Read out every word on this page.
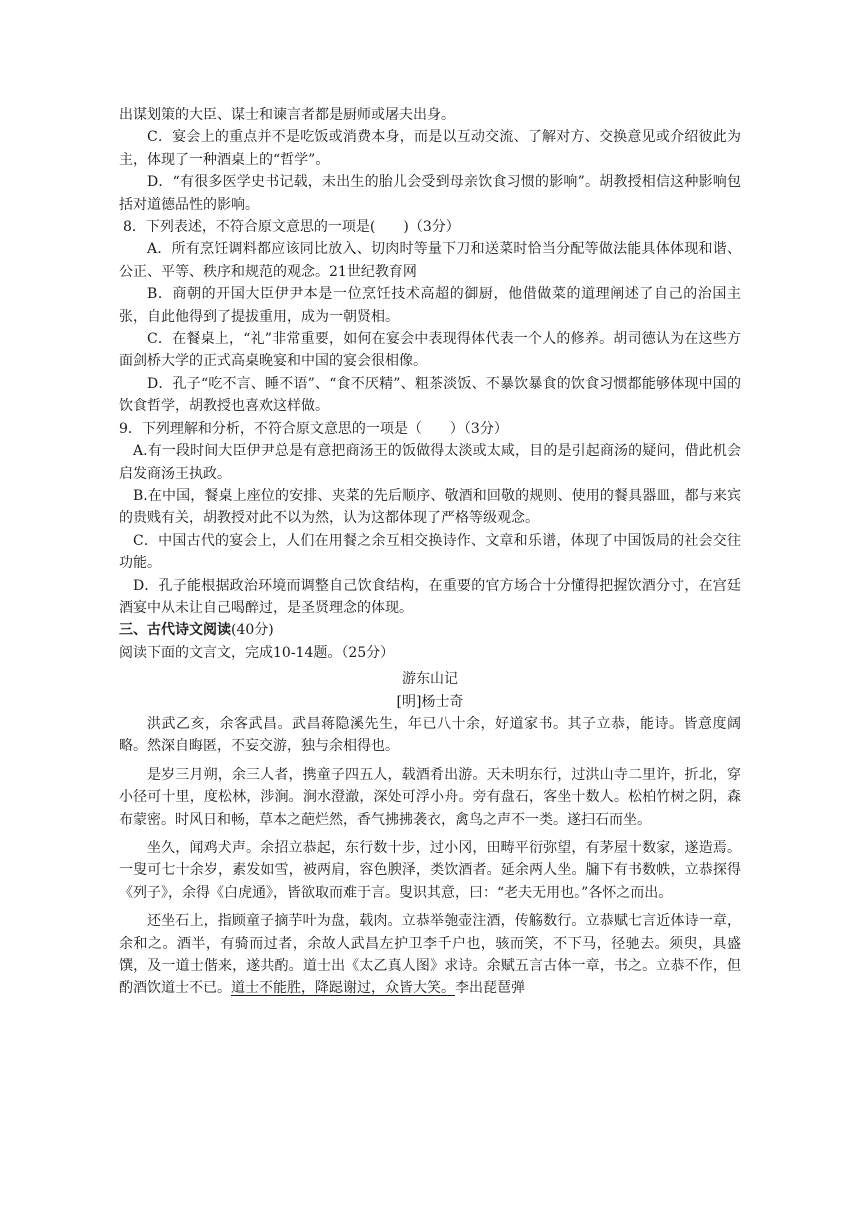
出谋划策的大臣、谋士和谏言者都是厨师或屠夫出身。

C．宴会上的重点并不是吃饭或消费本身，而是以互动交流、了解对方、交换意见或介绍彼此为主，体现了一种酒桌上的“哲学”。

D．“有很多医学史书记载，未出生的胎儿会受到母亲饮食习惯的影响”。胡教授相信这种影响包括对道德品性的影响。

8．下列表述，不符合原文意思的一项是(　　)（3分）

A．所有烹饪调料都应该同比放入、切肉时等量下刀和送菜时恰当分配等做法能具体体现和谐、公正、平等、秩序和规范的观念。21世纪教育网

B．商朝的开国大臣伊尹本是一位烹饪技术高超的御厨，他借做菜的道理阐述了自己的治国主张，自此他得到了提拔重用，成为一朝贤相。

C．在餐桌上，“礼”非常重要，如何在宴会中表现得体代表一个人的修养。胡司德认为在这些方面剑桥大学的正式高桌晚宴和中国的宴会很相像。

D．孔子“吃不言、睡不语”、“食不厌精”、粗茶淡饭、不暴饮暴食的饮食习惯都能够体现中国的饮食哲学，胡教授也喜欢这样做。

9．下列理解和分析，不符合原文意思的一项是（　　）（3分）

A.有一段时间大臣伊尹总是有意把商汤王的饭做得太淡或太咸，目的是引起商汤的疑问，借此机会启发商汤王执政。

B.在中国，餐桌上座位的安排、夹菜的先后顺序、敬酒和回敬的规则、使用的餐具器皿，都与来宾的贵贱有关，胡教授对此不以为然，认为这都体现了严格等级观念。

C．中国古代的宴会上，人们在用餐之余互相交换诗作、文章和乐谱，体现了中国饭局的社会交往功能。

D．孔子能根据政治环境而调整自己饮食结构，在重要的官方场合十分懂得把握饮酒分寸，在宫廷酒宴中从未让自己喝醉过，是圣贤理念的体现。

三、古代诗文阅读(40分)

阅读下面的文言文，完成10-14题。（25分）

游东山记

[明]杨士奇

洪武乙亥，余客武昌。武昌蒋隐溪先生，年已八十余，好道家书。其子立恭，能诗。皆意度阔略。然深自晦匿，不妄交游，独与余相得也。

是岁三月朔，余三人者，携童子四五人，载酒肴出游。天未明东行，过洪山寺二里许，折北，穿小径可十里，度松林，涉涧。涧水澄澈，深处可浮小舟。旁有盘石，客坐十数人。松柏竹树之阴，森布蒙密。时风日和畅，草本之葩烂然，香气拂拂袭衣，禽鸟之声不一类。遂扫石而坐。

坐久，闻鸡犬声。余招立恭起，东行数十步，过小冈，田畴平衍弥望，有茅屋十数家，遂造焉。一叟可七十余岁，素发如雪，被两肩，容色腴泽，类饮酒者。延余两人坐。牖下有书数帙，立恭探得《列子》，余得《白虎通》，皆欲取而难于言。叟识其意，曰：“老夫无用也。”各怀之而出。

还坐石上，指顾童子摘芋叶为盘，载肉。立恭举匏壶注酒，传觞数行。立恭赋七言近体诗一章，余和之。酒半，有骑而过者，余故人武昌左护卫李千户也，骇而笑，不下马，径驰去。须臾，具盛馔，及一道士偕来，遂共酌。道士出《太乙真人图》求诗。余赋五言古体一章，书之。立恭不作，但酌酒饮道士不已。道士不能胜，降跽谢过，众皆大笑。李出琵琶弹
